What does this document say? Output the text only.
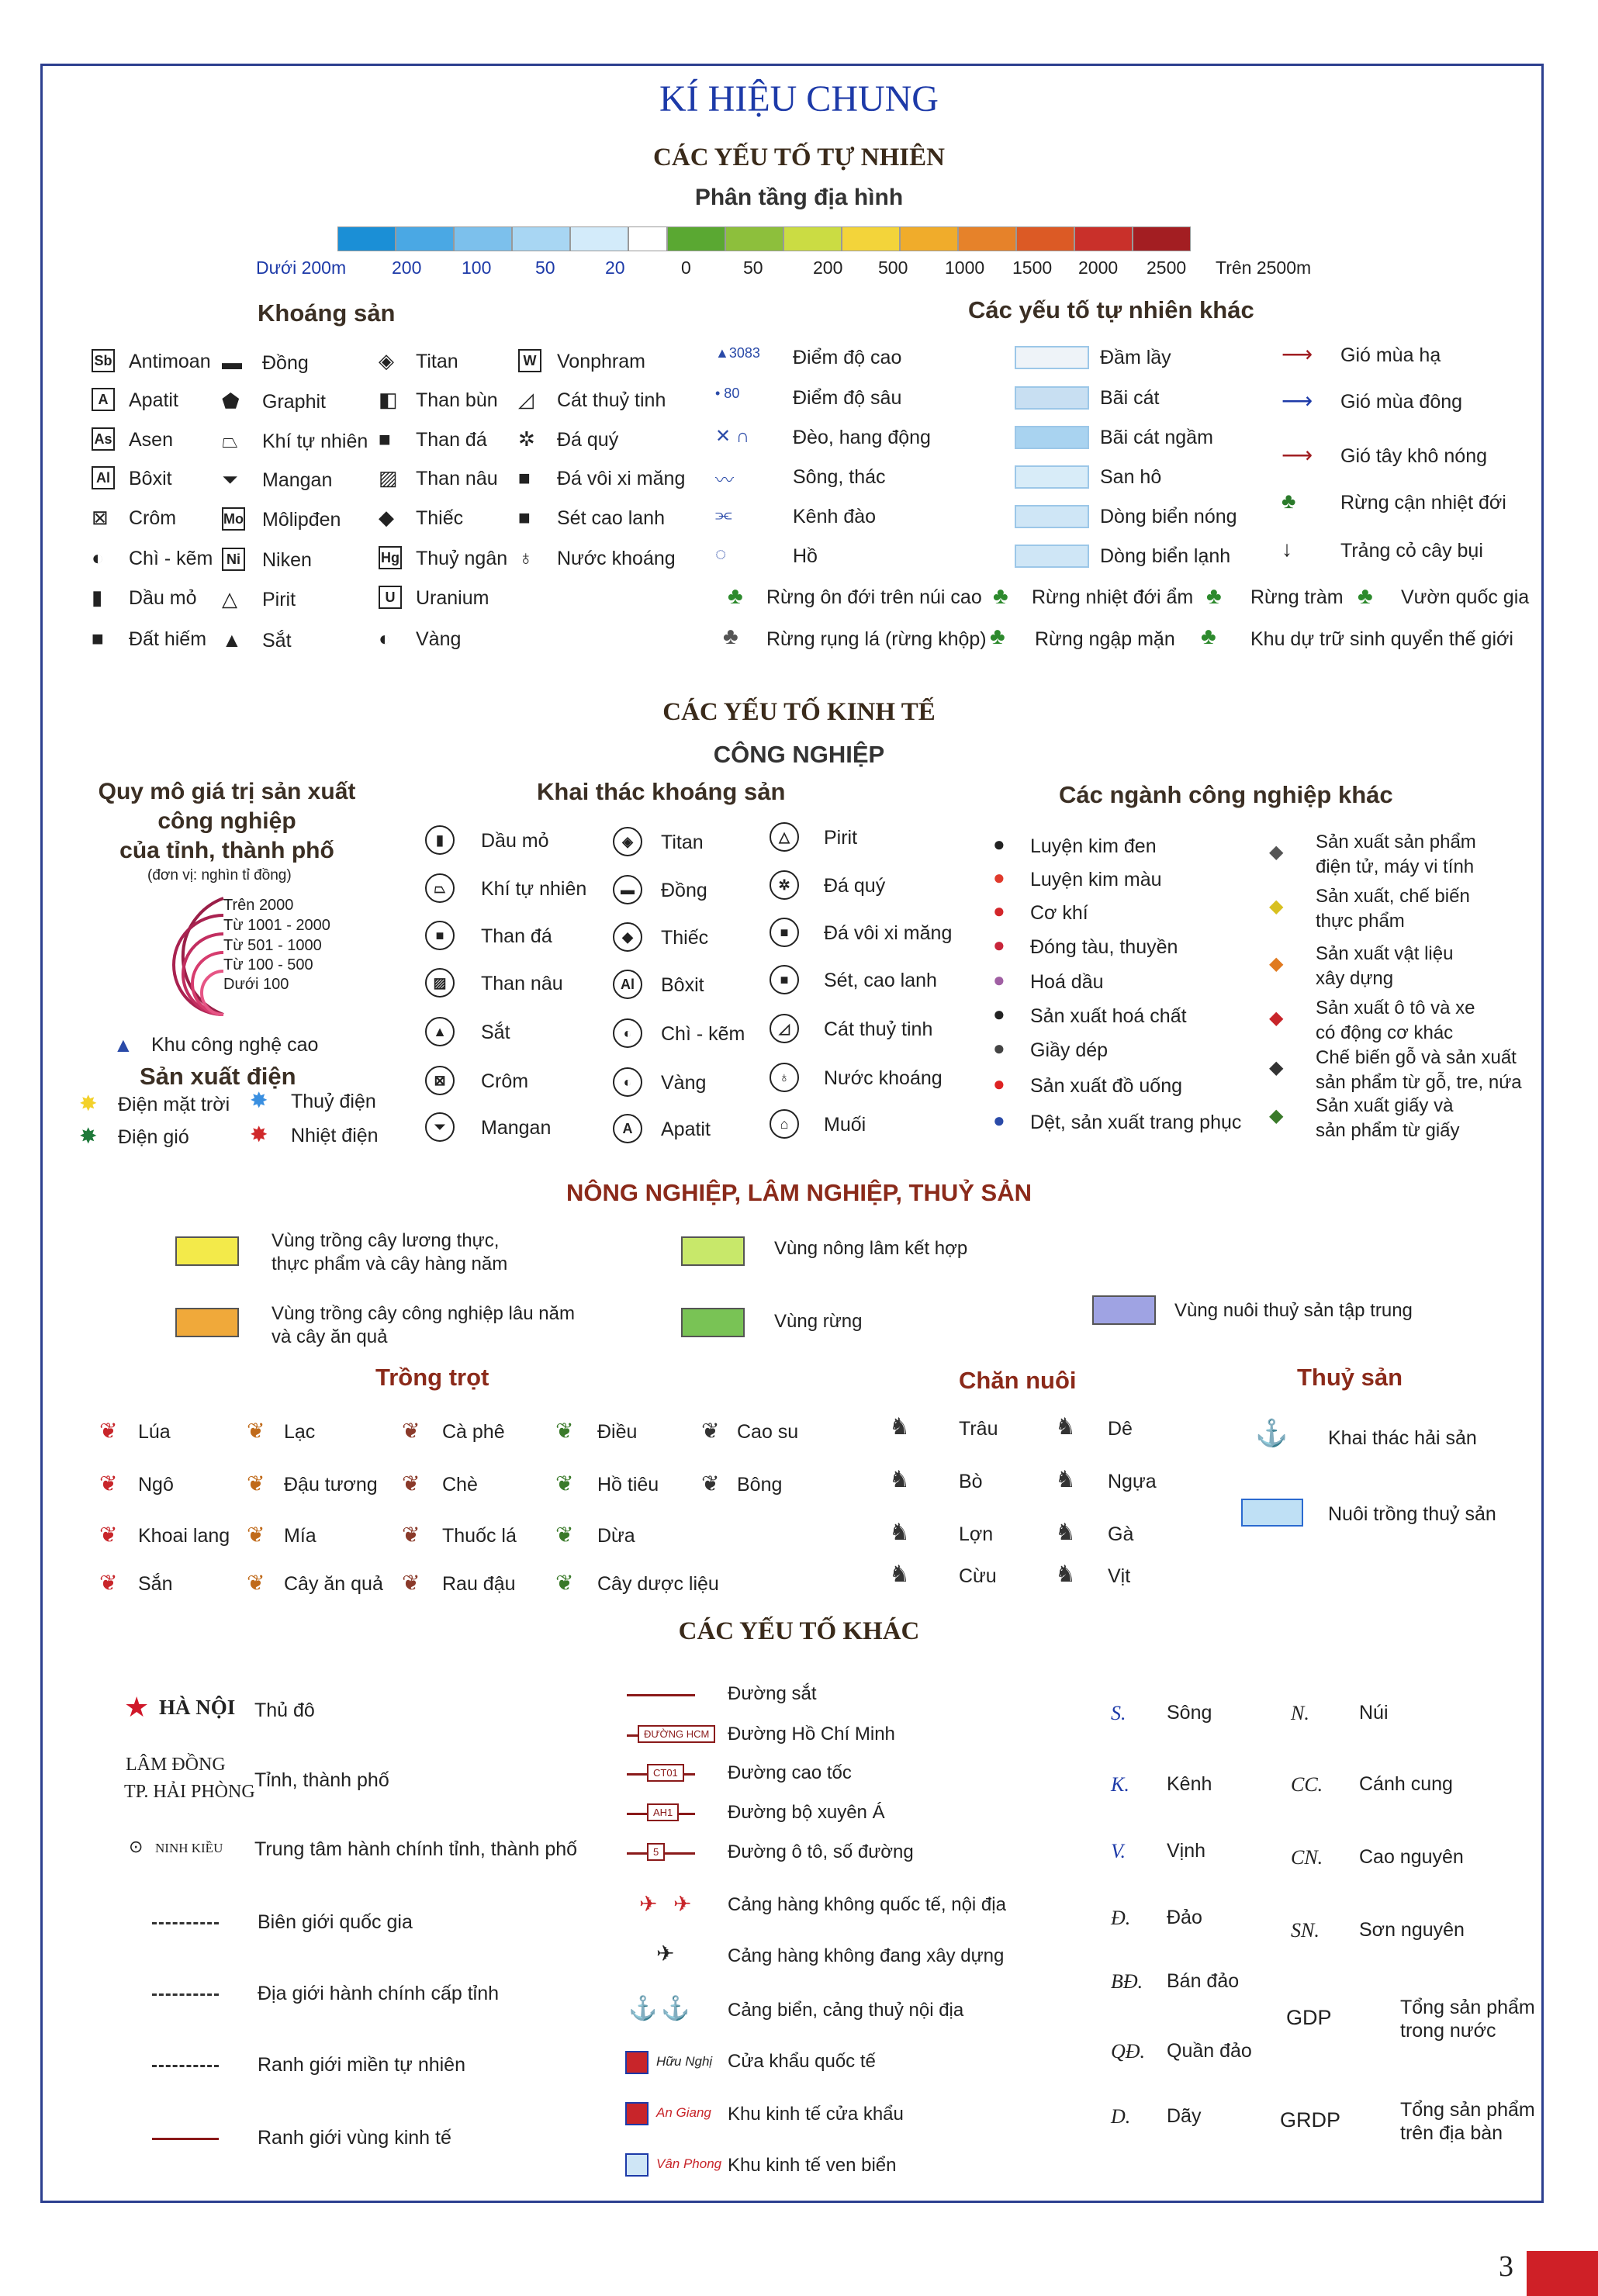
KÍ HIỆU CHUNG
CÁC YẾU TỐ TỰ NHIÊN
Phân tầng địa hình
Dưới 200m	200 100 50	20	0	50	200 500 1000 1500 2000 2500 Trên 2500m
Khoáng sản
Sb Antimoan
A	Apatit
As Asen
Al Bôxit
⊠ Crôm
◐ Chì - kẽm
▮ Dầu mỏ
■ Đất hiếm
▬ Đồng
⬟ Graphit
⏢ Khí tự nhiên
⏷ Mangan
Mo Môlipđen
Ni Niken
△ Pirit
▲ Sắt
◈ Titan
◧ Than bùn
■ Than đá
▨ Than nâu
◆ Thiếc
Hg Thuỷ ngân
U	Uranium
◐ Vàng
W Vonphram
◿ Cát thuỷ tinh
✲ Đá quý
■ Đá vôi xi măng
■ Sét cao lanh
♁ Nước khoáng
Các yếu tố tự nhiên khác
▲3083 Điểm độ cao
• 80	Điểm độ sâu
✕ ∩ Đèo, hang động
〰	Sông, thác
⫘	Kênh đào
◌	Hồ
Đầm lầy
Bãi cát
Bãi cát ngầm
San hô
Dòng biển nóng
Dòng biển lạnh
⟶ Gió mùa hạ
⟶ Gió mùa đông
⟶ Gió tây khô nóng
♣ Rừng cận nhiệt đới
↓ Trảng cỏ cây bụi
♣ Rừng ôn đới trên núi cao ♣ Rừng nhiệt đới ẩm ♣ Rừng tràm ♣ Vườn quốc gia
♣ Rừng rụng lá (rừng khộp) ♣ Rừng ngập mặn ♣ Khu dự trữ sinh quyển thế giới
CÁC YẾU TỐ KINH TẾ
CÔNG NGHIỆP
Quy mô giá trị sản xuất
công nghiệp
của tỉnh, thành phố
(đơn vị: nghìn tỉ đồng)
Trên 2000
Từ 1001 - 2000
Từ 501 - 1000
Từ 100 - 500
Dưới 100
▲ Khu công nghệ cao
Sản xuất điện
✸ Điện mặt trời ✸ Thuỷ điện
✸ Điện gió	✸ Nhiệt điện
Khai thác khoáng sản
▮	Dầu mỏ
⏢	Khí tự nhiên
■	Than đá
▨	Than nâu
▲	Sắt
⊠	Crôm
⏷	Mangan
◈	Titan
▬	Đồng
◆	Thiếc
Al	Bôxit
◐	Chì - kẽm
◐	Vàng
A	Apatit
△	Pirit
✲	Đá quý
■	Đá vôi xi măng
■	Sét, cao lanh
◿	Cát thuỷ tinh
♁	Nước khoáng
⌂	Muối
Các ngành công nghiệp khác
● Luyện kim đen
● Luyện kim màu
● Cơ khí
● Đóng tàu, thuyền
● Hoá dầu
● Sản xuất hoá chất
● Giầy dép
● Sản xuất đồ uống
● Dệt, sản xuất trang phục
◆ Sản xuất sản phẩm
điện tử, máy vi tính
◆ Sản xuất, chế biến
thực phẩm
◆ Sản xuất vật liệu
xây dựng
◆ Sản xuất ô tô và xe
có động cơ khác
◆ Chế biến gỗ và sản xuất
sản phẩm từ gỗ, tre, nứa
◆ Sản xuất giấy và
sản phẩm từ giấy
NÔNG NGHIỆP, LÂM NGHIỆP, THUỶ SẢN
Vùng trồng cây lương thực,
thực phẩm và cây hàng năm
Vùng nông lâm kết hợp
Vùng trồng cây công nghiệp lâu năm
và cây ăn quả
Vùng rừng
Vùng nuôi thuỷ sản tập trung
Trồng trọt
❦ Lúa	❦ Lạc	❦ Cà phê ❦ Điều	❦ Cao su
❦ Ngô	❦ Đậu tương ❦ Chè	❦ Hồ tiêu ❦ Bông
❦ Khoai lang ❦ Mía	❦ Thuốc lá ❦ Dừa
❦ Sắn	❦ Cây ăn quả ❦ Rau đậu ❦ Cây dược liệu
Chăn nuôi
♞	Trâu ♞ Dê
♞	Bò	♞ Ngựa
♞	Lợn	♞ Gà
♞	Cừu	♞ Vịt
Thuỷ sản
⚓ Khai thác hải sản
Nuôi trồng thuỷ sản
CÁC YẾU TỐ KHÁC
★ HÀ NỘI Thủ đô
LÂM ĐỒNG
TP. HẢI PHÒNG
Tỉnh, thành phố
⊙ NINH KIỀU Trung tâm hành chính tỉnh, thành phố
Biên giới quốc gia
Địa giới hành chính cấp tỉnh
Ranh giới miền tự nhiên
Ranh giới vùng kinh tế
Đường sắt
Đường Hồ Chí Minh
Đường cao tốc
Đường bộ xuyên Á
Đường ô tô, số đường
Cảng hàng không quốc tế, nội địa
Cảng hàng không đang xây dựng
Cảng biển, cảng thuỷ nội địa
Cửa khẩu quốc tế
Khu kinh tế cửa khẩu
Khu kinh tế ven biển
ĐƯỜNG HCM
CT01
AH1
5
✈ ✈
✈
⚓ ⚓
Hữu Nghị
An Giang
Vân Phong
S. Sông
K. Kênh
V. Vịnh
Đ. Đảo
BĐ. Bán đảo
QĐ. Quần đảo
D. Dãy
N.	Núi
CC. Cánh cung
CN. Cao nguyên
SN. Sơn nguyên
GDP	Tổng sản phẩm
trong nước
GRDP	Tổng sản phẩm
trên địa bàn
3
